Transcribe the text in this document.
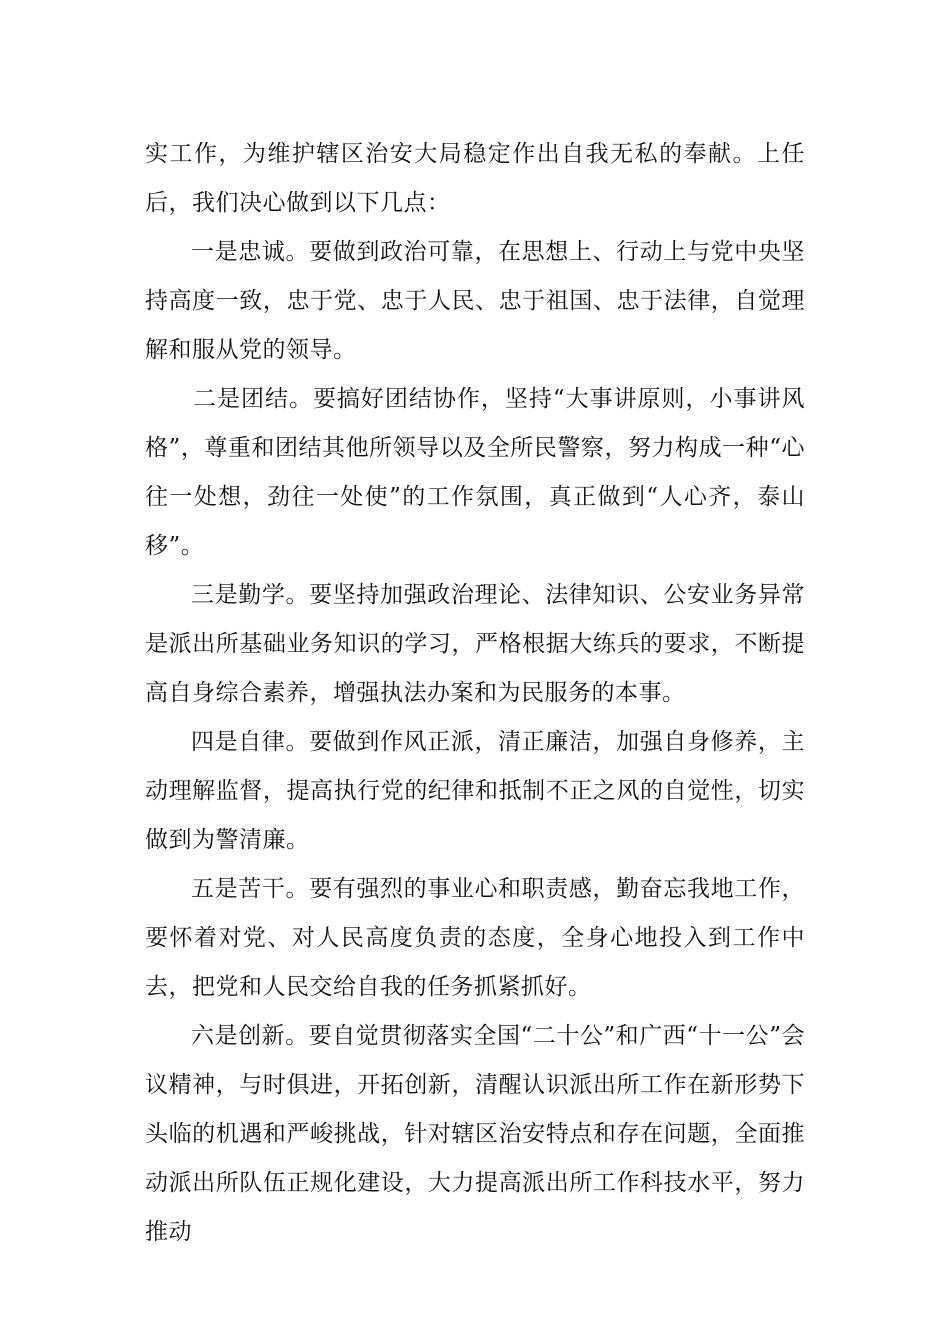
实工作，为维护辖区治安大局稳定作出自我无私的奉献。上任后，我们决心做到以下几点：

一是忠诚。要做到政治可靠，在思想上、行动上与党中央坚持高度一致，忠于党、忠于人民、忠于祖国、忠于法律，自觉理解和服从党的领导。

二是团结。要搞好团结协作，坚持“大事讲原则，小事讲风格”，尊重和团结其他所领导以及全所民警察，努力构成一种“心往一处想，劲往一处使”的工作氛围，真正做到“人心齐，泰山移”。

三是勤学。要坚持加强政治理论、法律知识、公安业务异常是派出所基础业务知识的学习，严格根据大练兵的要求，不断提高自身综合素养，增强执法办案和为民服务的本事。

四是自律。要做到作风正派，清正廉洁，加强自身修养，主动理解监督，提高执行党的纪律和抵制不正之风的自觉性，切实做到为警清廉。

五是苦干。要有强烈的事业心和职责感，勤奋忘我地工作，要怀着对党、对人民高度负责的态度，全身心地投入到工作中去，把党和人民交给自我的任务抓紧抓好。

六是创新。要自觉贯彻落实全国“二十公”和广西“十一公”会议精神，与时俱进，开拓创新，清醒认识派出所工作在新形势下头临的机遇和严峻挑战，针对辖区治安特点和存在问题，全面推动派出所队伍正规化建设，大力提高派出所工作科技水平，努力推动
